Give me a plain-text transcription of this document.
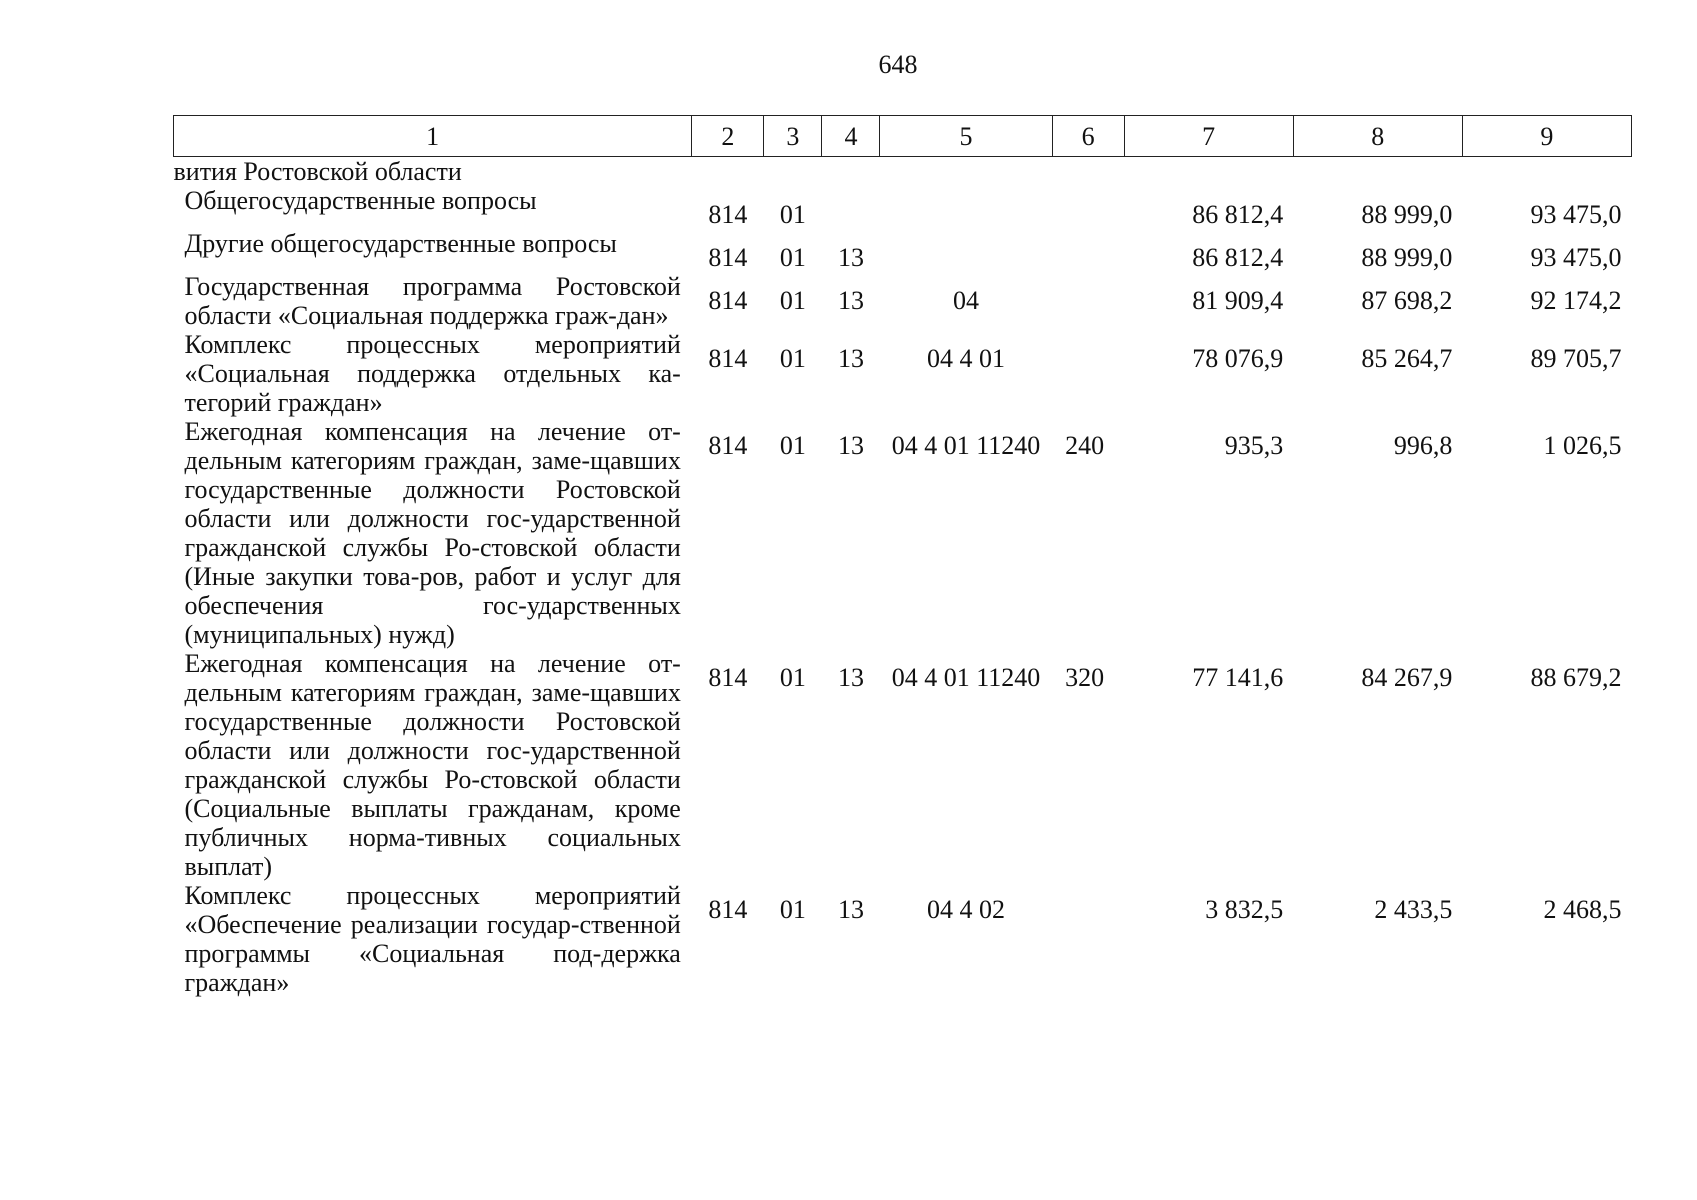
648
1	2	3	4	5	6	7	8	9
вития Ростовской области								
Общегосударственные вопросы	814	01				86 812,4	88 999,0	93 475,0
Другие общегосударственные вопросы	814	01	13			86 812,4	88 999,0	93 475,0
Государственная программа Ростовской области «Социальная поддержка граж-дан»	814	01	13	04		81 909,4	87 698,2	92 174,2
Комплекс процессных мероприятий «Социальная поддержка отдельных ка-тегорий граждан»	814	01	13	04 4 01		78 076,9	85 264,7	89 705,7
Ежегодная компенсация на лечение от-дельным категориям граждан, заме-щавших государственные должности Ростовской области или должности гос-ударственной гражданской службы Ро-стовской области (Иные закупки това-ров, работ и услуг для обеспечения гос-ударственных (муниципальных) нужд)	814	01	13	04 4 01 11240	240	935,3	996,8	1 026,5
Ежегодная компенсация на лечение от-дельным категориям граждан, заме-щавших государственные должности Ростовской области или должности гос-ударственной гражданской службы Ро-стовской области (Социальные выплаты гражданам, кроме публичных норма-тивных социальных выплат)	814	01	13	04 4 01 11240	320	77 141,6	84 267,9	88 679,2
Комплекс процессных мероприятий «Обеспечение реализации государ-ственной программы «Социальная под-держка граждан»	814	01	13	04 4 02		3 832,5	2 433,5	2 468,5
